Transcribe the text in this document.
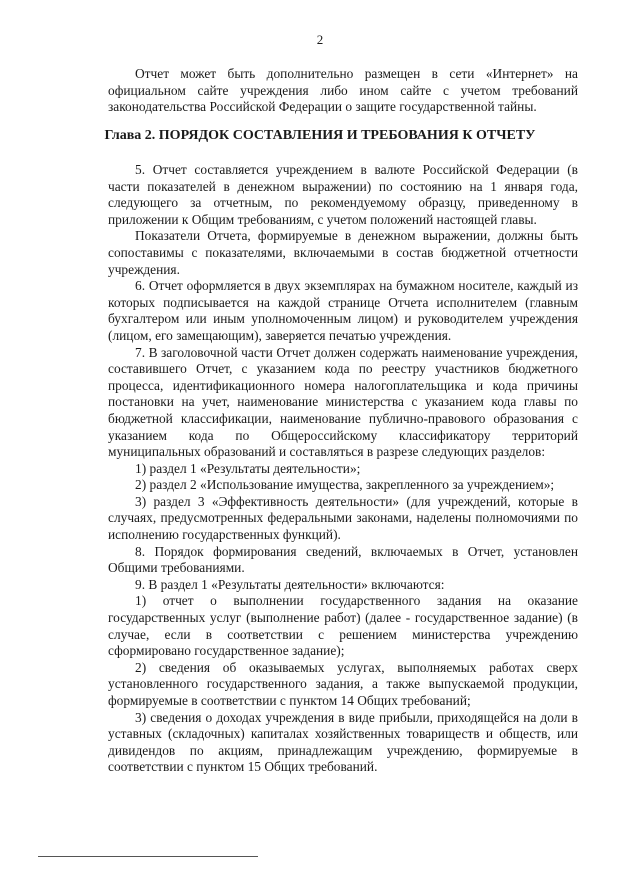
2

Отчет может быть дополнительно размещен в сети «Интернет» на официальном сайте учреждения либо ином сайте с учетом требований законодательства Российской Федерации о защите государственной тайны.

Глава 2. ПОРЯДОК СОСТАВЛЕНИЯ И ТРЕБОВАНИЯ К ОТЧЕТУ

5. Отчет составляется учреждением в валюте Российской Федерации (в части показателей в денежном выражении) по состоянию на 1 января года, следующего за отчетным, по рекомендуемому образцу, приведенному в приложении к Общим требованиям, с учетом положений настоящей главы.

Показатели Отчета, формируемые в денежном выражении, должны быть сопоставимы с показателями, включаемыми в состав бюджетной отчетности учреждения.

6. Отчет оформляется в двух экземплярах на бумажном носителе, каждый из которых подписывается на каждой странице Отчета исполнителем (главным бухгалтером или иным уполномоченным лицом) и руководителем учреждения (лицом, его замещающим), заверяется печатью учреждения.

7. В заголовочной части Отчет должен содержать наименование учреждения, составившего Отчет, с указанием кода по реестру участников бюджетного процесса, идентификационного номера налогоплательщика и кода причины постановки на учет, наименование министерства с указанием кода главы по бюджетной классификации, наименование публично-правового образования с указанием кода по Общероссийскому классификатору территорий муниципальных образований и составляться в разрезе следующих разделов:

1) раздел 1 «Результаты деятельности»;

2) раздел 2 «Использование имущества, закрепленного за учреждением»;

3) раздел 3 «Эффективность деятельности» (для учреждений, которые в случаях, предусмотренных федеральными законами, наделены полномочиями по исполнению государственных функций).

8. Порядок формирования сведений, включаемых в Отчет, установлен Общими требованиями.

9. В раздел 1 «Результаты деятельности» включаются:

1) отчет о выполнении государственного задания на оказание государственных услуг (выполнение работ) (далее - государственное задание) (в случае, если в соответствии с решением министерства учреждению сформировано государственное задание);

2) сведения об оказываемых услугах, выполняемых работах сверх установленного государственного задания, а также выпускаемой продукции, формируемые в соответствии с пунктом 14 Общих требований;

3) сведения о доходах учреждения в виде прибыли, приходящейся на доли в уставных (складочных) капиталах хозяйственных товариществ и обществ, или дивидендов по акциям, принадлежащим учреждению, формируемые в соответствии с пунктом 15 Общих требований.
